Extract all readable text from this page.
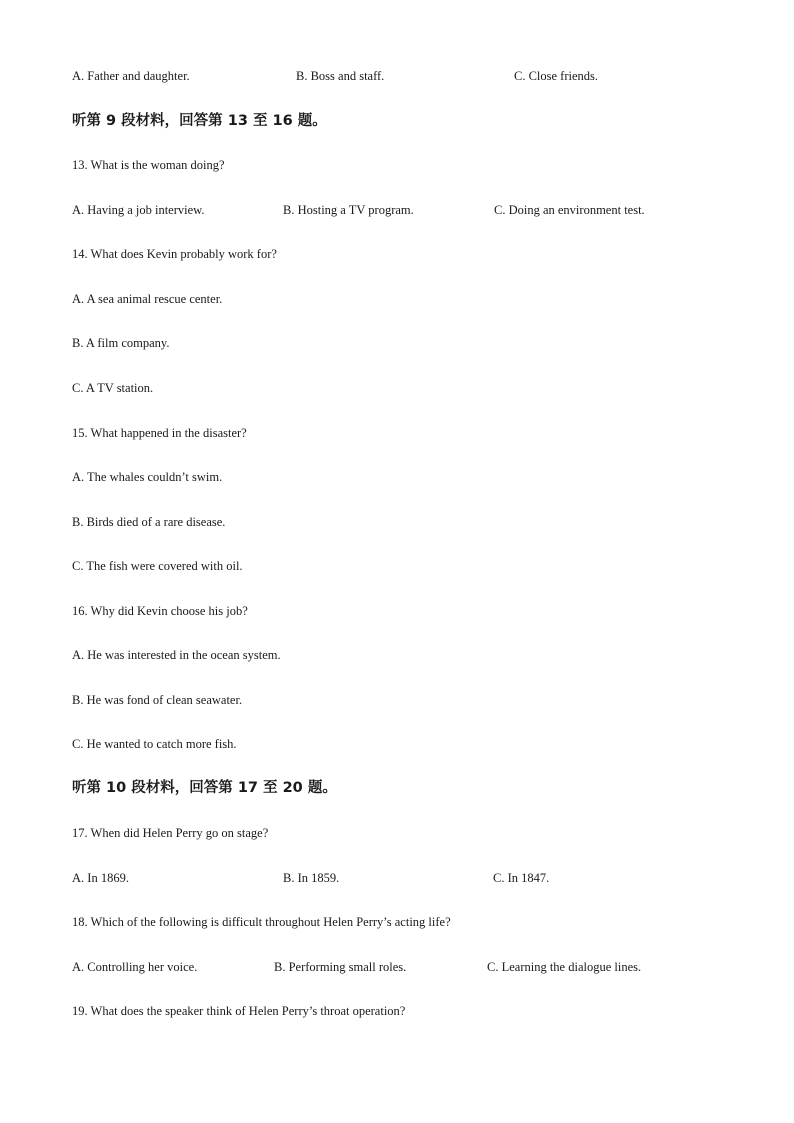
A. Father and daughter.	B. Boss and staff.	C. Close friends.
听第 9 段材料，回答第 13 至 16 题。
13. What is the woman doing?
A. Having a job interview.	B. Hosting a TV program.	C. Doing an environment test.
14. What does Kevin probably work for?
A. A sea animal rescue center.
B. A film company.
C. A TV station.
15. What happened in the disaster?
A. The whales couldn’t swim.
B. Birds died of a rare disease.
C. The fish were covered with oil.
16. Why did Kevin choose his job?
A. He was interested in the ocean system.
B. He was fond of clean seawater.
C. He wanted to catch more fish.
听第 10 段材料，回答第 17 至 20 题。
17. When did Helen Perry go on stage?
A. In 1869.	B. In 1859.	C. In 1847.
18. Which of the following is difficult throughout Helen Perry’s acting life?
A. Controlling her voice.	B. Performing small roles.	C. Learning the dialogue lines.
19. What does the speaker think of Helen Perry’s throat operation?
